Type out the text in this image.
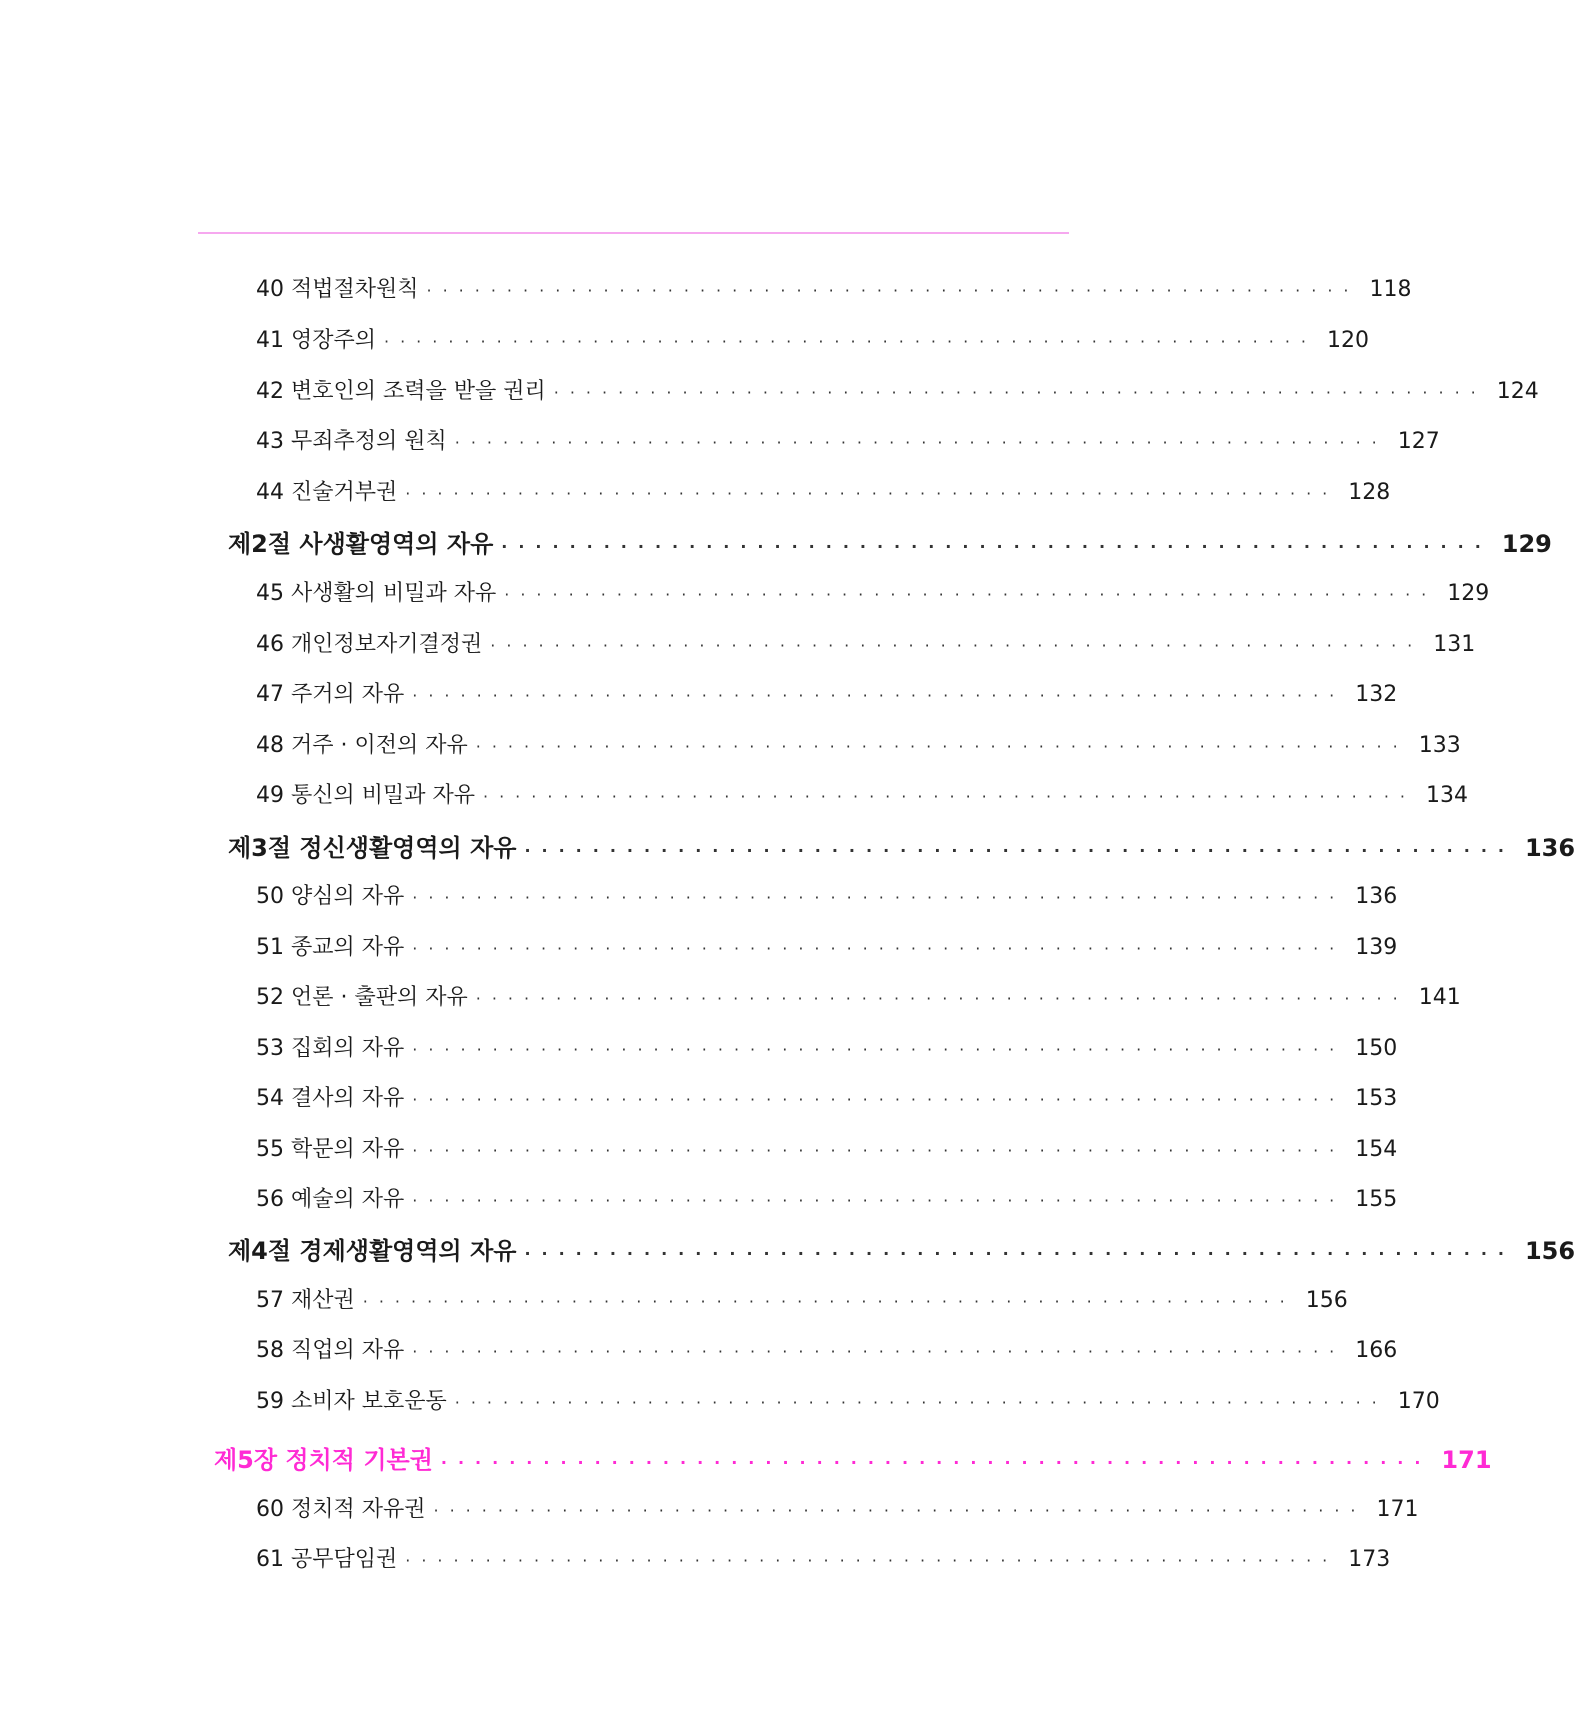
40 적법절차원칙 ·························································· 118
41 영장주의 ·························································· 120
42 변호인의 조력을 받을 권리 ·························································· 124
43 무죄추정의 원칙 ·························································· 127
44 진술거부권 ·························································· 128
제2절 사생활영역의 자유 ·························································· 129
45 사생활의 비밀과 자유 ·························································· 129
46 개인정보자기결정권 ·························································· 131
47 주거의 자유 ·························································· 132
48 거주 · 이전의 자유 ·························································· 133
49 통신의 비밀과 자유 ·························································· 134
제3절 정신생활영역의 자유 ·························································· 136
50 양심의 자유 ·························································· 136
51 종교의 자유 ·························································· 139
52 언론 · 출판의 자유 ·························································· 141
53 집회의 자유 ·························································· 150
54 결사의 자유 ·························································· 153
55 학문의 자유 ·························································· 154
56 예술의 자유 ·························································· 155
제4절 경제생활영역의 자유 ·························································· 156
57 재산권 ·························································· 156
58 직업의 자유 ·························································· 166
59 소비자 보호운동 ·························································· 170
제5장 정치적 기본권 ·························································· 171
60 정치적 자유권 ·························································· 171
61 공무담임권 ·························································· 173
